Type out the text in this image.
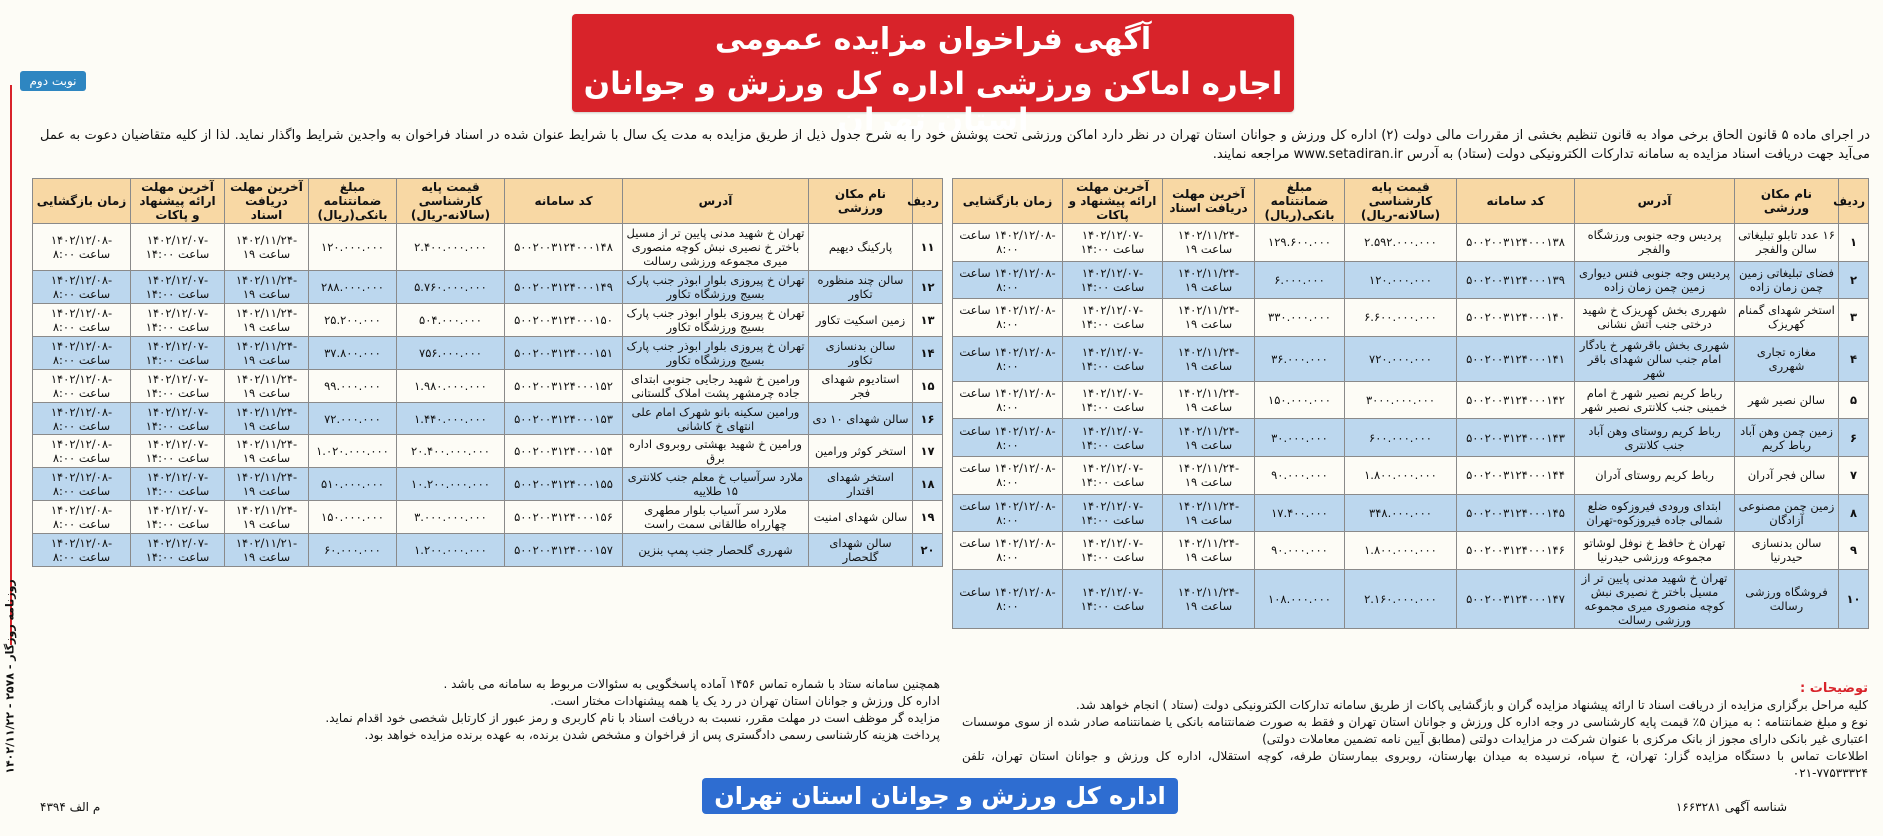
روزنامه روزگار - ۲۵۷۸ - ۱۴۰۲/۱۱/۲۲
آگهی فراخوان مزایده عمومی
اجاره اماکن ورزشی اداره کل ورزش و جوانان استان تهران
نوبت دوم
در اجرای ماده ۵ قانون الحاق برخی مواد به قانون تنظیم بخشی از مقررات مالی دولت (۲) اداره کل ورزش و جوانان استان تهران در نظر دارد اماکن ورزشی تحت پوشش خود را به شرح جدول ذیل از طریق مزایده به مدت یک سال با شرایط عنوان شده در اسناد فراخوان به واجدین شرایط واگذار نماید. لذا از کلیه متقاضیان دعوت به عمل می‌آید جهت دریافت اسناد مزایده به سامانه تدارکات الکترونیکی دولت (ستاد) به آدرس www.setadiran.ir مراجعه نمایند.
ردیف	نام مکان ورزشی	آدرس	کد سامانه	قیمت پایه کارشناسی (سالانه-ریال)	مبلغ ضمانتنامه بانکی(ریال)	آخرین مهلت دریافت اسناد	آخرین مهلت ارائه پیشنهاد و پاکات	زمان بازگشایی
۱	۱۶ عدد تابلو تبلیغاتی سالن والفجر	پردیس وجه جنوبی ورزشگاه والفجر	۵۰۰۲۰۰۳۱۲۴۰۰۰۱۳۸	۲.۵۹۲.۰۰۰.۰۰۰	۱۲۹.۶۰۰.۰۰۰	-۱۴۰۲/۱۱/۲۴ ساعت ۱۹	-۱۴۰۲/۱۲/۰۷ ساعت ۱۴:۰۰	-۱۴۰۲/۱۲/۰۸ ساعت ۸:۰۰
۲	فضای تبلیغاتی زمین چمن زمان زاده	پردیس وجه جنوبی فنس دیواری زمین چمن زمان زاده	۵۰۰۲۰۰۳۱۲۴۰۰۰۱۳۹	۱۲۰.۰۰۰.۰۰۰	۶.۰۰۰.۰۰۰	-۱۴۰۲/۱۱/۲۴ ساعت ۱۹	-۱۴۰۲/۱۲/۰۷ ساعت ۱۴:۰۰	-۱۴۰۲/۱۲/۰۸ ساعت ۸:۰۰
۳	استخر شهدای گمنام کهریزک	شهرری بخش کهریزک خ شهید درختی جنب آتش نشانی	۵۰۰۲۰۰۳۱۲۴۰۰۰۱۴۰	۶.۶۰۰.۰۰۰.۰۰۰	۳۳۰.۰۰۰.۰۰۰	-۱۴۰۲/۱۱/۲۴ ساعت ۱۹	-۱۴۰۲/۱۲/۰۷ ساعت ۱۴:۰۰	-۱۴۰۲/۱۲/۰۸ ساعت ۸:۰۰
۴	مغازه تجاری شهرری	شهرری بخش باقرشهر خ یادگار امام جنب سالن شهدای باقر شهر	۵۰۰۲۰۰۳۱۲۴۰۰۰۱۴۱	۷۲۰.۰۰۰.۰۰۰	۳۶.۰۰۰.۰۰۰	-۱۴۰۲/۱۱/۲۴ ساعت ۱۹	-۱۴۰۲/۱۲/۰۷ ساعت ۱۴:۰۰	-۱۴۰۲/۱۲/۰۸ ساعت ۸:۰۰
۵	سالن نصیر شهر	رباط کریم نصیر شهر خ امام خمینی جنب کلانتری نصیر شهر	۵۰۰۲۰۰۳۱۲۴۰۰۰۱۴۲	۳۰۰۰.۰۰۰.۰۰۰	۱۵۰.۰۰۰.۰۰۰	-۱۴۰۲/۱۱/۲۴ ساعت ۱۹	-۱۴۰۲/۱۲/۰۷ ساعت ۱۴:۰۰	-۱۴۰۲/۱۲/۰۸ ساعت ۸:۰۰
۶	زمین چمن وهن آباد رباط کریم	رباط کریم روستای وهن آباد جنب کلانتری	۵۰۰۲۰۰۳۱۲۴۰۰۰۱۴۳	۶۰۰.۰۰۰.۰۰۰	۳۰.۰۰۰.۰۰۰	-۱۴۰۲/۱۱/۲۴ ساعت ۱۹	-۱۴۰۲/۱۲/۰۷ ساعت ۱۴:۰۰	-۱۴۰۲/۱۲/۰۸ ساعت ۸:۰۰
۷	سالن فجر آدران	رباط کریم روستای آدران	۵۰۰۲۰۰۳۱۲۴۰۰۰۱۴۴	۱.۸۰۰.۰۰۰.۰۰۰	۹۰.۰۰۰.۰۰۰	-۱۴۰۲/۱۱/۲۴ ساعت ۱۹	-۱۴۰۲/۱۲/۰۷ ساعت ۱۴:۰۰	-۱۴۰۲/۱۲/۰۸ ساعت ۸:۰۰
۸	زمین چمن مصنوعی آزادگان	ابتدای ورودی فیروزکوه ضلع شمالی جاده فیروزکوه-تهران	۵۰۰۲۰۰۳۱۲۴۰۰۰۱۴۵	۳۴۸.۰۰۰.۰۰۰	۱۷.۴۰۰.۰۰۰	-۱۴۰۲/۱۱/۲۴ ساعت ۱۹	-۱۴۰۲/۱۲/۰۷ ساعت ۱۴:۰۰	-۱۴۰۲/۱۲/۰۸ ساعت ۸:۰۰
۹	سالن بدنسازی حیدرنیا	تهران خ حافظ خ نوفل لوشاتو مجموعه ورزشی حیدرنیا	۵۰۰۲۰۰۳۱۲۴۰۰۰۱۴۶	۱.۸۰۰.۰۰۰.۰۰۰	۹۰.۰۰۰.۰۰۰	-۱۴۰۲/۱۱/۲۴ ساعت ۱۹	-۱۴۰۲/۱۲/۰۷ ساعت ۱۴:۰۰	-۱۴۰۲/۱۲/۰۸ ساعت ۸:۰۰
۱۰	فروشگاه ورزشی رسالت	تهران خ شهید مدنی پایین تر از مسیل باختر خ نصیری نبش کوچه منصوری میری مجموعه ورزشی رسالت	۵۰۰۲۰۰۳۱۲۴۰۰۰۱۴۷	۲.۱۶۰.۰۰۰.۰۰۰	۱۰۸.۰۰۰.۰۰۰	-۱۴۰۲/۱۱/۲۴ ساعت ۱۹	-۱۴۰۲/۱۲/۰۷ ساعت ۱۴:۰۰	-۱۴۰۲/۱۲/۰۸ ساعت ۸:۰۰
ردیف	نام مکان ورزشی	آدرس	کد سامانه	قیمت پایه کارشناسی (سالانه-ریال)	مبلغ ضمانتنامه بانکی(ریال)	آخرین مهلت دریافت اسناد	آخرین مهلت ارائه پیشنهاد و پاکات	زمان بازگشایی
۱۱	پارکینگ دیهیم	تهران خ شهید مدنی پایین تر از مسیل باختر خ نصیری نبش کوچه منصوری میری مجموعه ورزشی رسالت	۵۰۰۲۰۰۳۱۲۴۰۰۰۱۴۸	۲.۴۰۰.۰۰۰.۰۰۰	۱۲۰.۰۰۰.۰۰۰	-۱۴۰۲/۱۱/۲۴ ساعت ۱۹	-۱۴۰۲/۱۲/۰۷ ساعت ۱۴:۰۰	-۱۴۰۲/۱۲/۰۸ ساعت ۸:۰۰
۱۲	سالن چند منظوره تکاور	تهران خ پیروزی بلوار ابوذر جنب پارک بسیج ورزشگاه تکاور	۵۰۰۲۰۰۳۱۲۴۰۰۰۱۴۹	۵.۷۶۰.۰۰۰.۰۰۰	۲۸۸.۰۰۰.۰۰۰	-۱۴۰۲/۱۱/۲۴ ساعت ۱۹	-۱۴۰۲/۱۲/۰۷ ساعت ۱۴:۰۰	-۱۴۰۲/۱۲/۰۸ ساعت ۸:۰۰
۱۳	زمین اسکیت تکاور	تهران خ پیروزی بلوار ابوذر جنب پارک بسیج ورزشگاه تکاور	۵۰۰۲۰۰۳۱۲۴۰۰۰۱۵۰	۵۰۴.۰۰۰.۰۰۰	۲۵.۲۰۰.۰۰۰	-۱۴۰۲/۱۱/۲۴ ساعت ۱۹	-۱۴۰۲/۱۲/۰۷ ساعت ۱۴:۰۰	-۱۴۰۲/۱۲/۰۸ ساعت ۸:۰۰
۱۴	سالن بدنسازی تکاور	تهران خ پیروزی بلوار ابوذر جنب پارک بسیج ورزشگاه تکاور	۵۰۰۲۰۰۳۱۲۴۰۰۰۱۵۱	۷۵۶.۰۰۰.۰۰۰	۳۷.۸۰۰.۰۰۰	-۱۴۰۲/۱۱/۲۴ ساعت ۱۹	-۱۴۰۲/۱۲/۰۷ ساعت ۱۴:۰۰	-۱۴۰۲/۱۲/۰۸ ساعت ۸:۰۰
۱۵	استادیوم شهدای فجر	ورامین خ شهید رجایی جنوبی ابتدای جاده چرمشهر پشت املاک گلستانی	۵۰۰۲۰۰۳۱۲۴۰۰۰۱۵۲	۱.۹۸۰.۰۰۰.۰۰۰	۹۹.۰۰۰.۰۰۰	-۱۴۰۲/۱۱/۲۴ ساعت ۱۹	-۱۴۰۲/۱۲/۰۷ ساعت ۱۴:۰۰	-۱۴۰۲/۱۲/۰۸ ساعت ۸:۰۰
۱۶	سالن شهدای ۱۰ دی	ورامین سکینه بانو شهرک امام علی انتهای خ کاشانی	۵۰۰۲۰۰۳۱۲۴۰۰۰۱۵۳	۱.۴۴۰.۰۰۰.۰۰۰	۷۲.۰۰۰.۰۰۰	-۱۴۰۲/۱۱/۲۴ ساعت ۱۹	-۱۴۰۲/۱۲/۰۷ ساعت ۱۴:۰۰	-۱۴۰۲/۱۲/۰۸ ساعت ۸:۰۰
۱۷	استخر کوثر ورامین	ورامین خ شهید بهشتی روبروی اداره برق	۵۰۰۲۰۰۳۱۲۴۰۰۰۱۵۴	۲۰.۴۰۰.۰۰۰.۰۰۰	۱.۰۲۰.۰۰۰.۰۰۰	-۱۴۰۲/۱۱/۲۴ ساعت ۱۹	-۱۴۰۲/۱۲/۰۷ ساعت ۱۴:۰۰	-۱۴۰۲/۱۲/۰۸ ساعت ۸:۰۰
۱۸	استخر شهدای اقتدار	ملارد سرآسیاب خ معلم جنب کلانتری ۱۵ طلاییه	۵۰۰۲۰۰۳۱۲۴۰۰۰۱۵۵	۱۰.۲۰۰.۰۰۰.۰۰۰	۵۱۰.۰۰۰.۰۰۰	-۱۴۰۲/۱۱/۲۴ ساعت ۱۹	-۱۴۰۲/۱۲/۰۷ ساعت ۱۴:۰۰	-۱۴۰۲/۱۲/۰۸ ساعت ۸:۰۰
۱۹	سالن شهدای امنیت	ملارد سر آسیاب بلوار مطهری چهارراه طالقانی سمت راست	۵۰۰۲۰۰۳۱۲۴۰۰۰۱۵۶	۳.۰۰۰.۰۰۰.۰۰۰	۱۵۰.۰۰۰.۰۰۰	-۱۴۰۲/۱۱/۲۴ ساعت ۱۹	-۱۴۰۲/۱۲/۰۷ ساعت ۱۴:۰۰	-۱۴۰۲/۱۲/۰۸ ساعت ۸:۰۰
۲۰	سالن شهدای گلحصار	شهرری گلحصار جنب پمپ بنزین	۵۰۰۲۰۰۳۱۲۴۰۰۰۱۵۷	۱.۲۰۰.۰۰۰.۰۰۰	۶۰.۰۰۰.۰۰۰	-۱۴۰۲/۱۱/۲۱ ساعت ۱۹	-۱۴۰۲/۱۲/۰۷ ساعت ۱۴:۰۰	-۱۴۰۲/۱۲/۰۸ ساعت ۸:۰۰
توضیحات :
کلیه مراحل برگزاری مزایده از دریافت اسناد تا ارائه پیشنهاد مزایده گران و بازگشایی پاکات از طریق سامانه تدارکات الکترونیکی دولت (ستاد ) انجام خواهد شد.
نوع و مبلغ ضمانتنامه : به میزان ۵٪ قیمت پایه کارشناسی در وجه اداره کل ورزش و جوانان استان تهران و فقط به صورت ضمانتنامه بانکی یا ضمانتنامه صادر شده از سوی موسسات اعتباری غیر بانکی دارای مجوز از بانک مرکزی با عنوان شرکت در مزایدات دولتی (مطابق آیین نامه تضمین معاملات دولتی)
اطلاعات تماس با دستگاه مزایده گزار: تهران، خ سپاه، نرسیده به میدان بهارستان، روبروی بیمارستان طرفه، کوچه استقلال، اداره کل ورزش و جوانان استان تهران، تلفن ۷۷۵۳۳۳۲۴-۰۲۱
همچنین سامانه ستاد با شماره تماس ۱۴۵۶ آماده پاسخگویی به سئوالات مربوط به سامانه می باشد .
اداره کل ورزش و جوانان استان تهران در رد یک یا همه پیشنهادات مختار است.
مزایده گر موظف است در مهلت مقرر، نسبت به دریافت اسناد با نام کاربری و رمز عبور از کارتابل شخصی خود اقدام نماید.
پرداخت هزینه کارشناسی رسمی دادگستری پس از فراخوان و مشخص شدن برنده، به عهده برنده مزایده خواهد بود.
اداره کل ورزش و جوانان استان تهران	شناسه آگهی ۱۶۶۳۲۸۱
م الف ۴۳۹۴
